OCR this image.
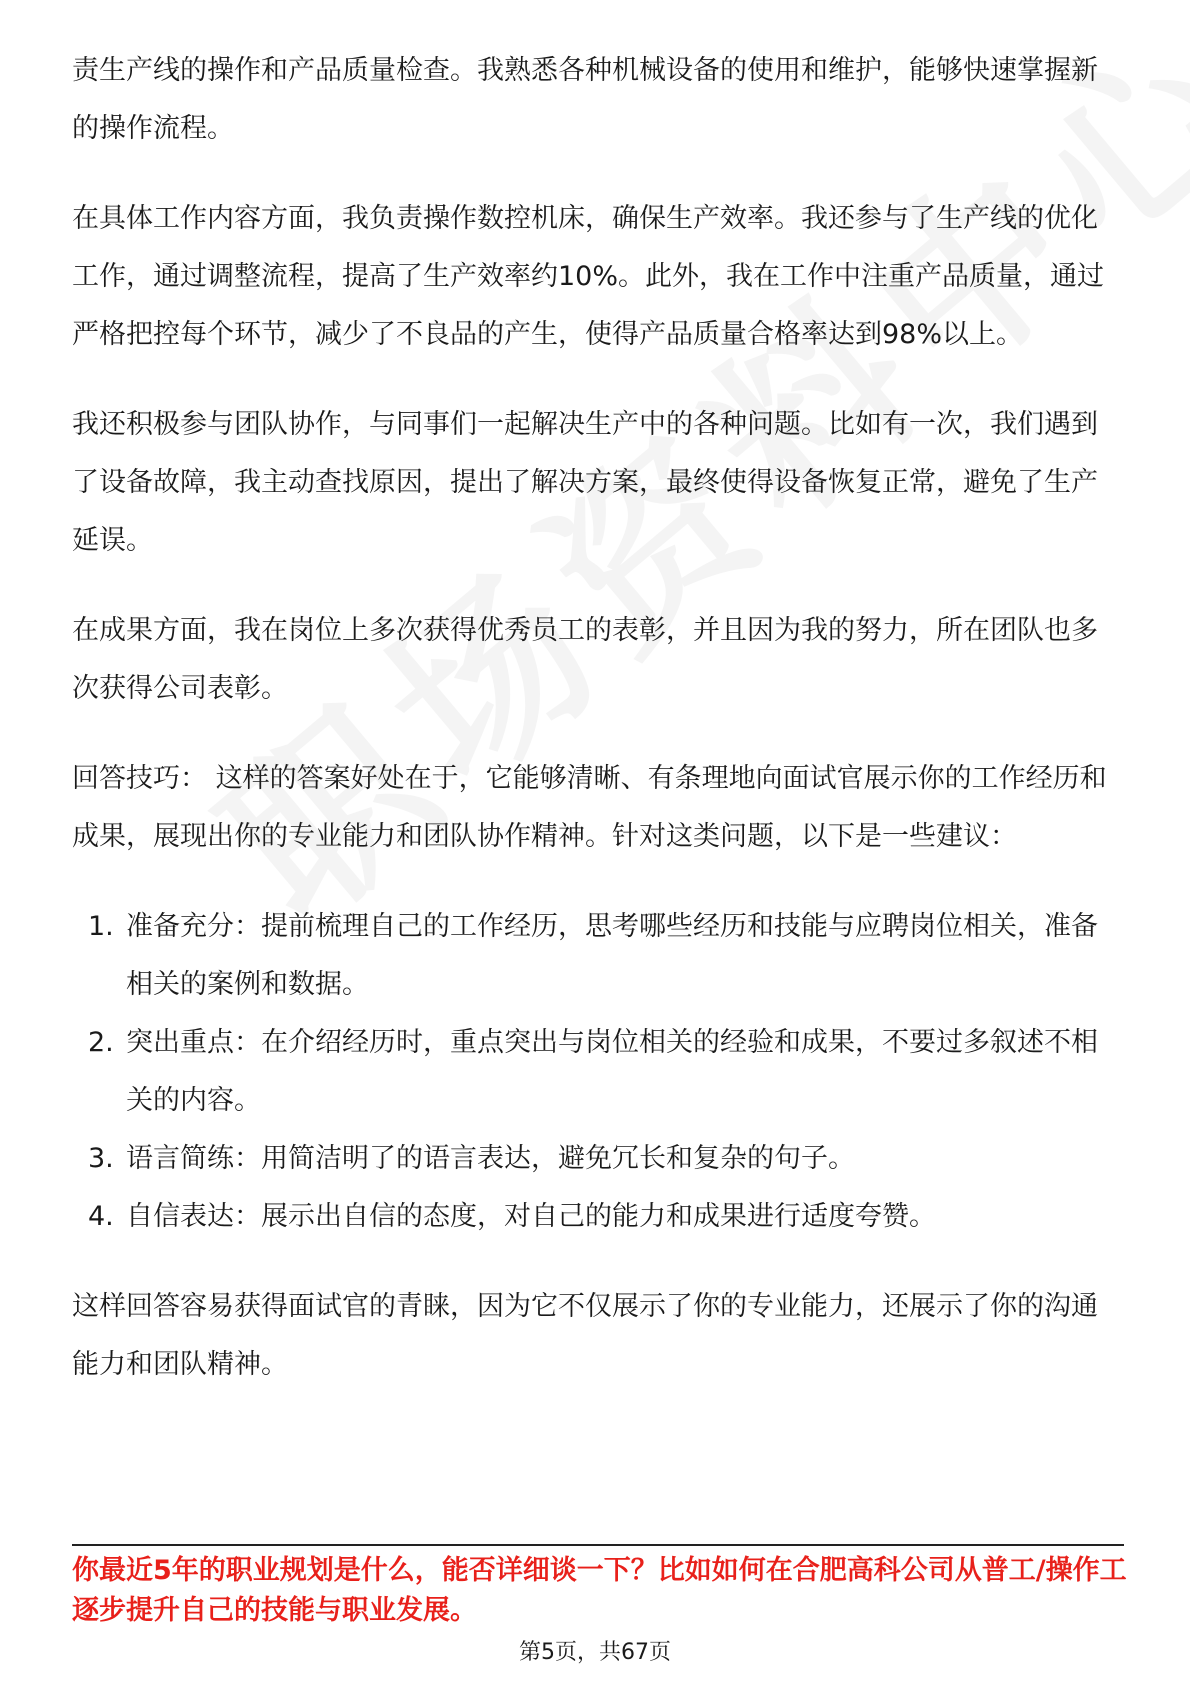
责生产线的操作和产品质量检查。我熟悉各种机械设备的使用和维护，能够快速掌握新的操作流程。

在具体工作内容方面，我负责操作数控机床，确保生产效率。我还参与了生产线的优化工作，通过调整流程，提高了生产效率约10%。此外，我在工作中注重产品质量，通过严格把控每个环节，减少了不良品的产生，使得产品质量合格率达到98%以上。

我还积极参与团队协作，与同事们一起解决生产中的各种问题。比如有一次，我们遇到了设备故障，我主动查找原因，提出了解决方案，最终使得设备恢复正常，避免了生产延误。

在成果方面，我在岗位上多次获得优秀员工的表彰，并且因为我的努力，所在团队也多次获得公司表彰。

回答技巧： 这样的答案好处在于，它能够清晰、有条理地向面试官展示你的工作经历和成果，展现出你的专业能力和团队协作精神。针对这类问题，以下是一些建议：

1. 准备充分：提前梳理自己的工作经历，思考哪些经历和技能与应聘岗位相关，准备相关的案例和数据。
2. 突出重点：在介绍经历时，重点突出与岗位相关的经验和成果，不要过多叙述不相关的内容。
3. 语言简练：用简洁明了的语言表达，避免冗长和复杂的句子。
4. 自信表达：展示出自信的态度，对自己的能力和成果进行适度夸赞。

这样回答容易获得面试官的青睐，因为它不仅展示了你的专业能力，还展示了你的沟通能力和团队精神。

你最近5年的职业规划是什么，能否详细谈一下？比如如何在合肥高科公司从普工/操作工逐步提升自己的技能与职业发展。

第5页，共67页
